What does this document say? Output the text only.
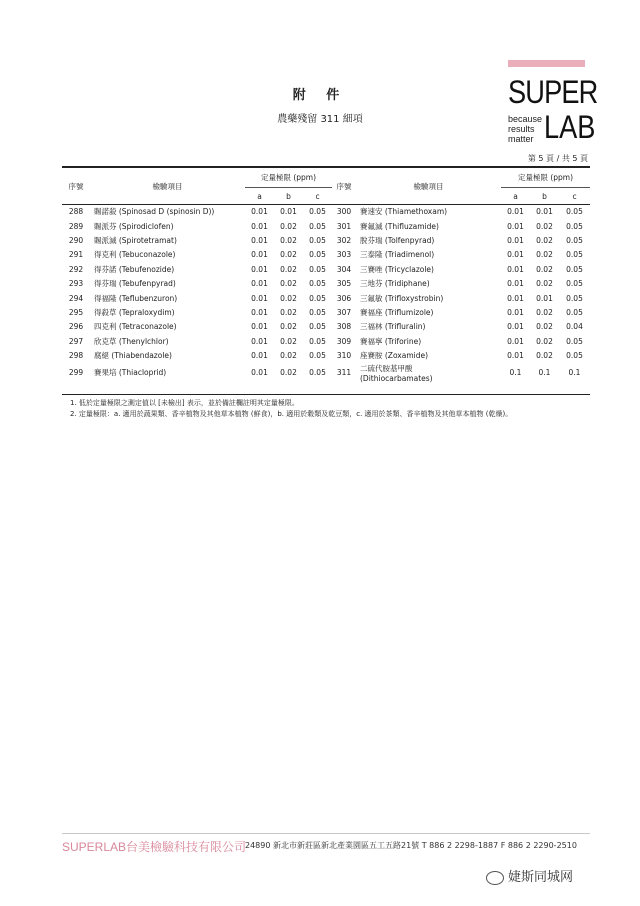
SUPER
because
results
matter LAB
附 件
農藥殘留 311 細項
第 5 頁 / 共 5 頁
序號	檢驗項目	定量極限 (ppm)			序號	檢驗項目	定量極限 (ppm)		
		a	b	c			a	b	c
288	賜諾殺 (Spinosad D (spinosin D))	0.01	0.01	0.05	300	賽速安 (Thiamethoxam)	0.01	0.01	0.05
289	賜派芬 (Spirodiclofen)	0.01	0.02	0.05	301	賽氟滅 (Thifluzamide)	0.01	0.02	0.05
290	賜派滅 (Spirotetramat)	0.01	0.02	0.05	302	脫芬瑞 (Tolfenpyrad)	0.01	0.02	0.05
291	得克利 (Tebuconazole)	0.01	0.02	0.05	303	三泰隆 (Triadimenol)	0.01	0.02	0.05
292	得芬諾 (Tebufenozide)	0.01	0.02	0.05	304	三賽唑 (Tricyclazole)	0.01	0.02	0.05
293	得芬瑞 (Tebufenpyrad)	0.01	0.02	0.05	305	三地芬 (Tridiphane)	0.01	0.02	0.05
294	得福隆 (Teflubenzuron)	0.01	0.02	0.05	306	三氟敏 (Trifloxystrobin)	0.01	0.01	0.05
295	得殺草 (Tepraloxydim)	0.01	0.02	0.05	307	賽福座 (Triflumizole)	0.01	0.02	0.05
296	四克利 (Tetraconazole)	0.01	0.02	0.05	308	三福林 (Trifluralin)	0.01	0.02	0.04
297	欣克草 (Thenylchlor)	0.01	0.02	0.05	309	賽福寧 (Triforine)	0.01	0.02	0.05
298	腐絕 (Thiabendazole)	0.01	0.02	0.05	310	座賽胺 (Zoxamide)	0.01	0.02	0.05
299	賽果培 (Thiacloprid)	0.01	0.02	0.05	311	二硫代胺基甲酸
(Dithiocarbamates)	0.1	0.1	0.1
1. 低於定量極限之測定值以 [未檢出] 表示，並於備註欄註明其定量極限。
2. 定量極限：a. 適用於蔬果類、香辛植物及其他草本植物 (鮮食)，b. 適用於穀類及乾豆類，c. 適用於茶類、香辛植物及其他草本植物 (乾燥)。
SUPERLAB台美檢驗科技有限公司
24890 新北市新莊區新北產業園區五工五路21號 T 886 2 2298-1887 F 886 2 2290-2510
婕斯同城网
